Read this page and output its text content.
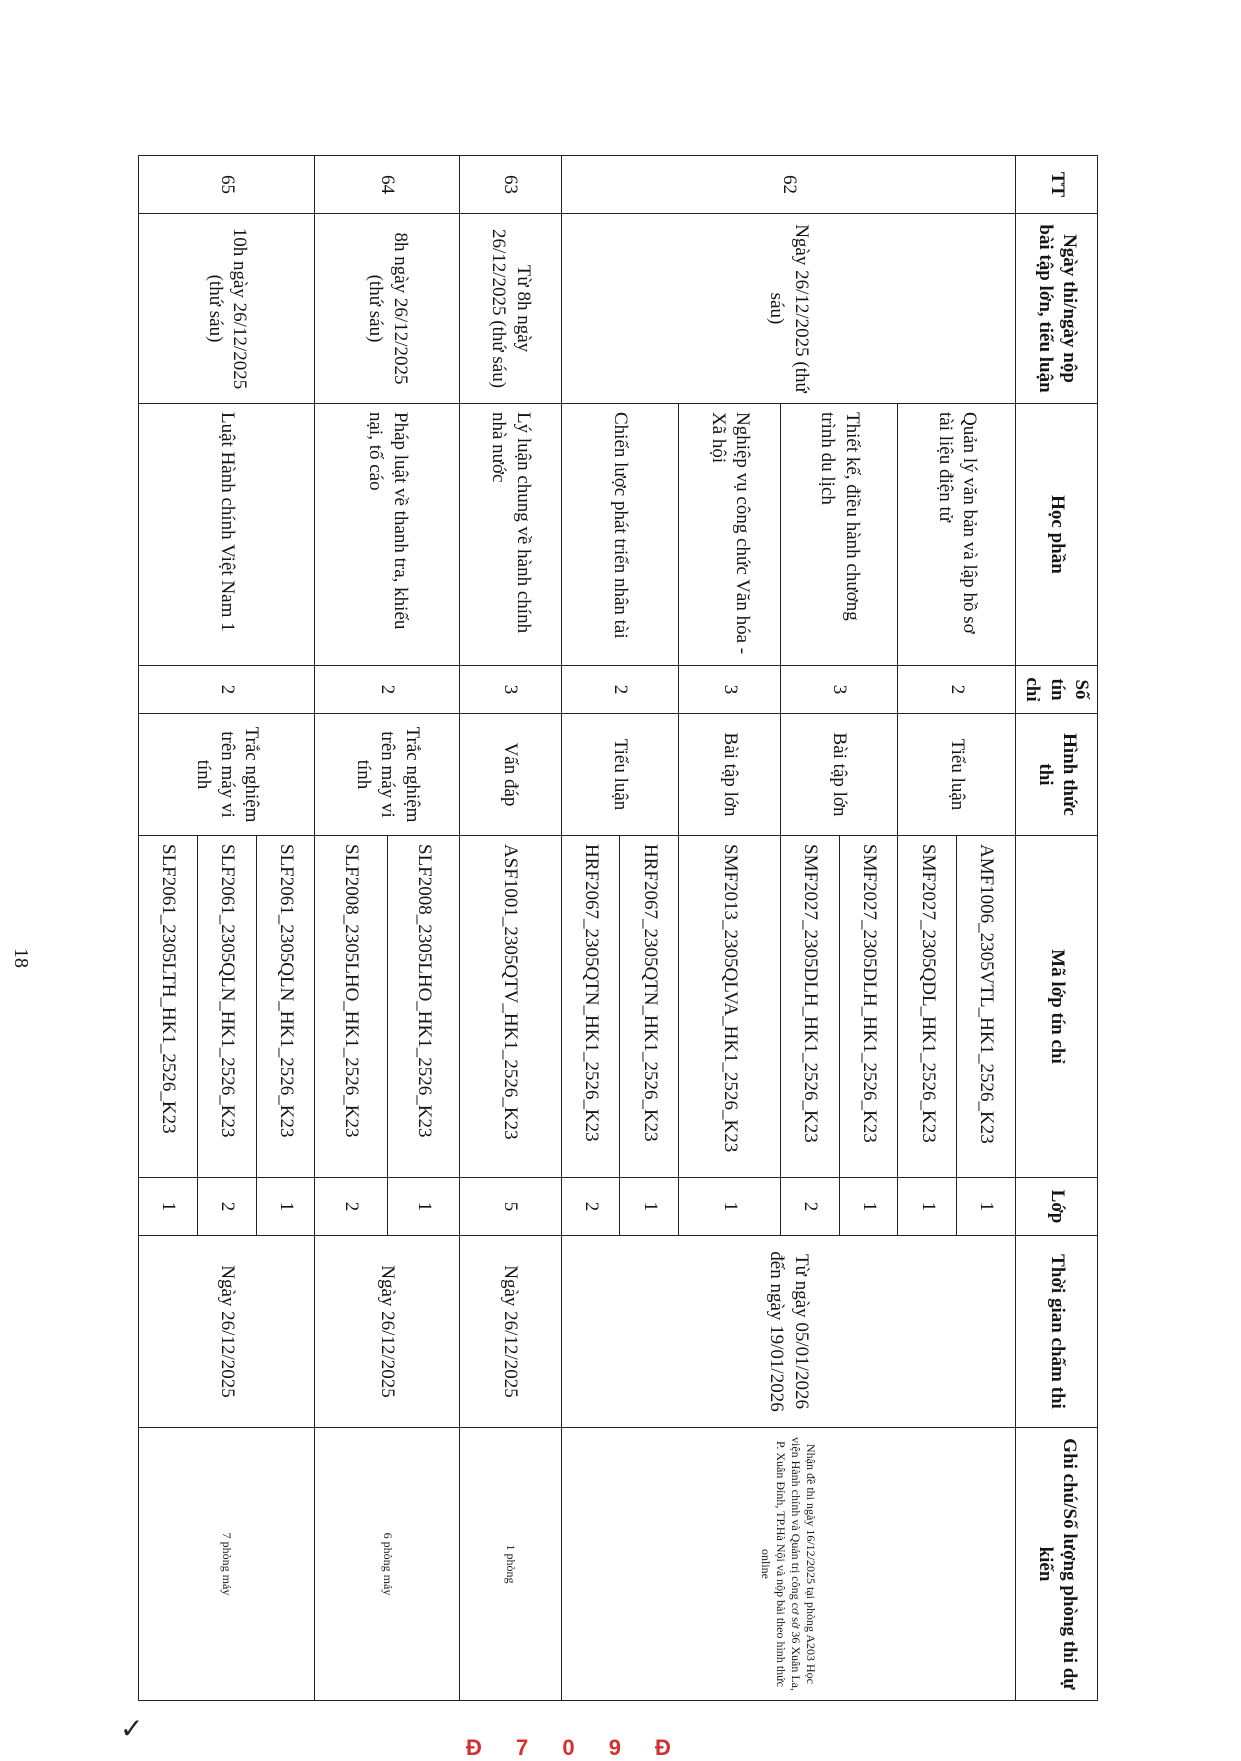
TT	Ngày thi/ngày nộp bài tập lớn, tiểu luận	Học phần	Số tín chỉ	Hình thức thi	Mã lớp tín chỉ	Lớp	Thời gian chấm thi	Ghi chú/Số lượng phòng thi dự kiến
62	Ngày 26/12/2025 (thứ sáu)	Quản lý văn bản và lập hồ sơ tài liệu điện tử	2	Tiểu luận	AMF1006_2305VTL_HK1_2526_K23	1	Từ ngày 05/01/2026 đến ngày 19/01/2026	Nhận đề thi ngày 16/12/2025 tại phòng A203 Học viện Hành chính và Quản trị công cơ sở 36 Xuân La, P. Xuân Đỉnh, TP.Hà Nội và nộp bài theo hình thức online
					SMF2027_2305QDL_HK1_2526_K23	1		
		Thiết kế, điều hành chương trình du lịch	3	Bài tập lớn	SMF2027_2305DLH_HK1_2526_K23	1		
					SMF2027_2305DLH_HK1_2526_K23	2		
		Nghiệp vụ công chức Văn hóa - Xã hội	3	Bài tập lớn	SMF2013_2305QLVA_HK1_2526_K23	1		
		Chiến lược phát triển nhân tài	2	Tiểu luận	HRF2067_2305QTN_HK1_2526_K23	1		
					HRF2067_2305QTN_HK1_2526_K23	2		
63	Từ 8h ngày 26/12/2025 (thứ sáu)	Lý luận chung về hành chính nhà nước	3	Vấn đáp	ASF1001_2305QTV_HK1_2526_K23	5	Ngày 26/12/2025	1 phòng
64	8h ngày 26/12/2025 (thứ sáu)	Pháp luật về thanh tra, khiếu nại, tố cáo	2	Trắc nghiệm trên máy vi tính	SLF2008_2305LHO_HK1_2526_K23	1	Ngày 26/12/2025	6 phòng máy
					SLF2008_2305LHO_HK1_2526_K23	2		
65	10h ngày 26/12/2025 (thứ sáu)	Luật Hành chính Việt Nam 1	2	Trắc nghiệm trên máy vi tính	SLF2061_2305QLN_HK1_2526_K23	1	Ngày 26/12/2025	7 phòng máy
					SLF2061_2305QLN_HK1_2526_K23	2		
					SLF2061_2305LTH_HK1_2526_K23	1		
18
✓
Đ 7 0 9 Đ
